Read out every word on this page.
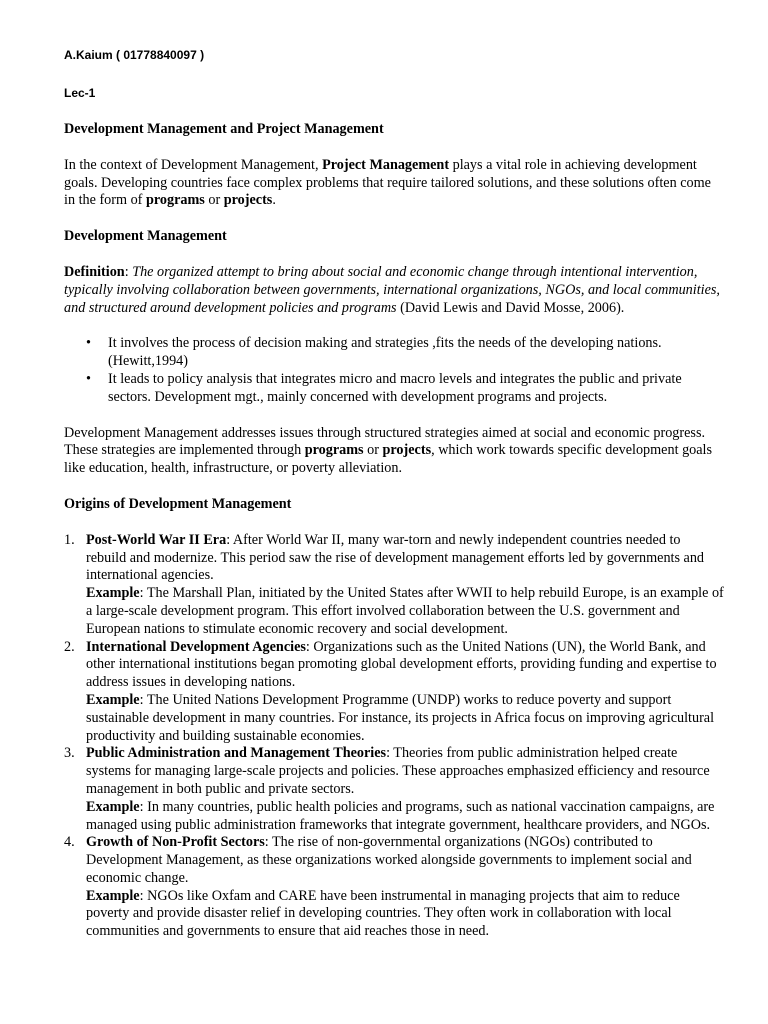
A.Kaium ( 01778840097 )
Lec-1
Development Management and Project Management

In the context of Development Management, Project Management plays a vital role in achieving development goals. Developing countries face complex problems that require tailored solutions, and these solutions often come in the form of programs or projects.

Development Management

Definition: The organized attempt to bring about social and economic change through intentional intervention, typically involving collaboration between governments, international organizations, NGOs, and local communities, and structured around development policies and programs (David Lewis and David Mosse, 2006).

• It involves the process of decision making and strategies ,fits the needs of the developing nations.(Hewitt,1994)
• It leads to policy analysis that integrates micro and macro levels and integrates the public and private sectors. Development mgt., mainly concerned with development programs and projects.

Development Management addresses issues through structured strategies aimed at social and economic progress. These strategies are implemented through programs or projects, which work towards specific development goals like education, health, infrastructure, or poverty alleviation.

Origins of Development Management
1. Post-World War II Era: After World War II, many war-torn and newly independent countries needed to rebuild and modernize. This period saw the rise of development management efforts led by governments and international agencies.
Example: The Marshall Plan, initiated by the United States after WWII to help rebuild Europe, is an example of a large-scale development program. This effort involved collaboration between the U.S. government and European nations to stimulate economic recovery and social development.
2. International Development Agencies: Organizations such as the United Nations (UN), the World Bank, and other international institutions began promoting global development efforts, providing funding and expertise to address issues in developing nations.
Example: The United Nations Development Programme (UNDP) works to reduce poverty and support sustainable development in many countries. For instance, its projects in Africa focus on improving agricultural productivity and building sustainable economies.
3. Public Administration and Management Theories: Theories from public administration helped create systems for managing large-scale projects and policies. These approaches emphasized efficiency and resource management in both public and private sectors.
Example: In many countries, public health policies and programs, such as national vaccination campaigns, are managed using public administration frameworks that integrate government, healthcare providers, and NGOs.
4. Growth of Non-Profit Sectors: The rise of non-governmental organizations (NGOs) contributed to Development Management, as these organizations worked alongside governments to implement social and economic change.
Example: NGOs like Oxfam and CARE have been instrumental in managing projects that aim to reduce poverty and provide disaster relief in developing countries. They often work in collaboration with local communities and governments to ensure that aid reaches those in need.
